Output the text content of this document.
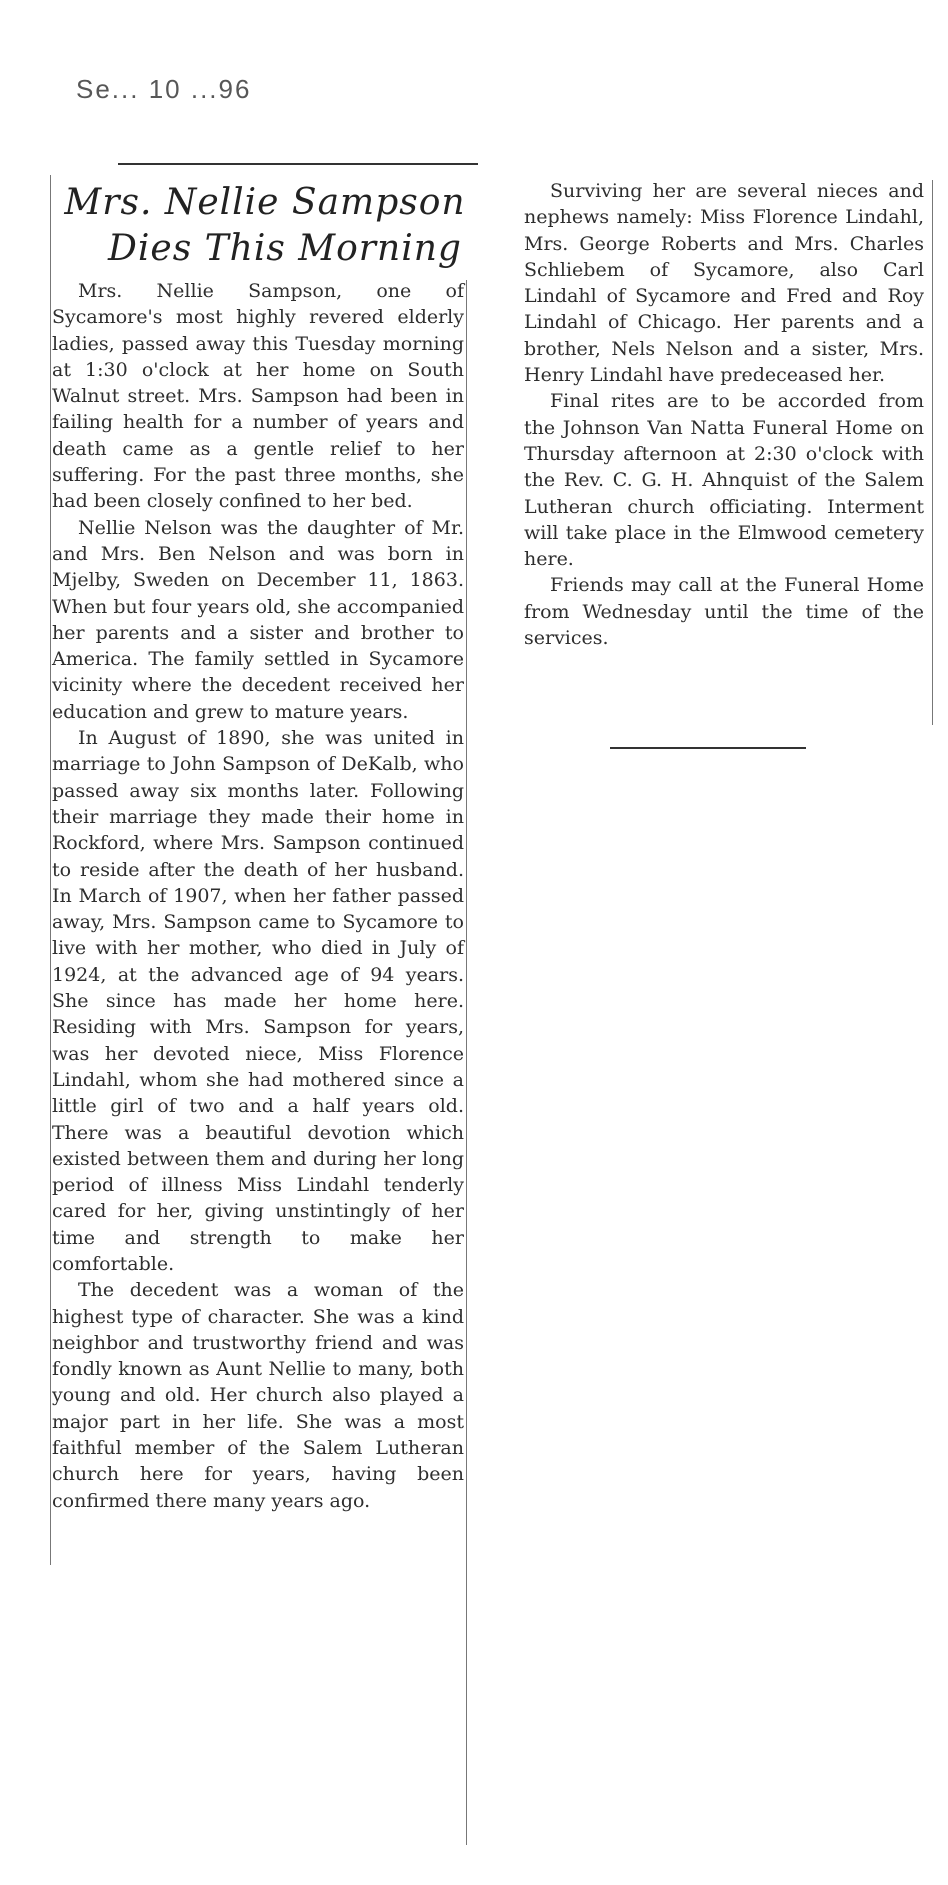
Se... 10 ...96
Mrs. Nellie Sampson
Dies This Morning

Mrs. Nellie Sampson, one of Sycamore's most highly revered elderly ladies, passed away this Tuesday morning at 1:30 o'clock at her home on South Walnut street. Mrs. Sampson had been in failing health for a number of years and death came as a gentle relief to her suffering. For the past three months, she had been closely confined to her bed.

Nellie Nelson was the daughter of Mr. and Mrs. Ben Nelson and was born in Mjelby, Sweden on December 11, 1863. When but four years old, she accompanied her parents and a sister and brother to America. The family settled in Sycamore vicinity where the decedent received her education and grew to mature years.

In August of 1890, she was united in marriage to John Sampson of DeKalb, who passed away six months later. Following their marriage they made their home in Rockford, where Mrs. Sampson continued to reside after the death of her husband. In March of 1907, when her father passed away, Mrs. Sampson came to Sycamore to live with her mother, who died in July of 1924, at the advanced age of 94 years. She since has made her home here. Residing with Mrs. Sampson for years, was her devoted niece, Miss Florence Lindahl, whom she had mothered since a little girl of two and a half years old. There was a beautiful devotion which existed between them and during her long period of illness Miss Lindahl tenderly cared for her, giving unstintingly of her time and strength to make her comfortable.

The decedent was a woman of the highest type of character. She was a kind neighbor and trustworthy friend and was fondly known as Aunt Nellie to many, both young and old. Her church also played a major part in her life. She was a most faithful member of the Salem Lutheran church here for years, having been confirmed there many years ago.

Surviving her are several nieces and nephews namely: Miss Florence Lindahl, Mrs. George Roberts and Mrs. Charles Schliebem of Sycamore, also Carl Lindahl of Sycamore and Fred and Roy Lindahl of Chicago. Her parents and a brother, Nels Nelson and a sister, Mrs. Henry Lindahl have predeceased her.

Final rites are to be accorded from the Johnson Van Natta Funeral Home on Thursday afternoon at 2:30 o'clock with the Rev. C. G. H. Ahnquist of the Salem Lutheran church officiating. Interment will take place in the Elmwood cemetery here.

Friends may call at the Funeral Home from Wednesday until the time of the services.
